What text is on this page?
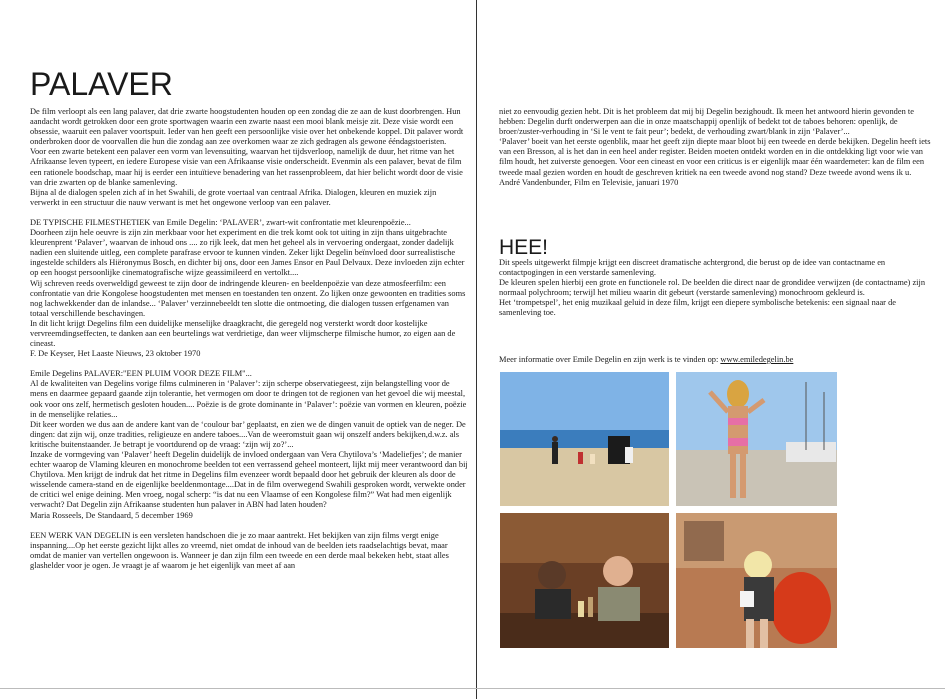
PALAVER

De film verloopt als een lang palaver, dat drie zwarte hoogstudenten houden op een zondag die ze aan de kust doorbrengen. Hun aandacht wordt getrokken door een grote sportwagen waarin een zwarte naast een mooi blank meisje zit. Deze visie wordt een obsessie, waaruit een palaver voortspuit. Ieder van hen geeft een persoonlijke visie over het onbekende koppel. Dit palaver wordt onderbroken door de voorvallen die hun die zondag aan zee overkomen waar ze zich gedragen als gewone ééndagstoeristen.

Voor een zwarte betekent een palaver een vorm van levensuiting, waarvan het tijdsverloop, namelijk de duur, het ritme van het Afrikaanse leven typeert, en iedere Europese visie van een Afrikaanse visie onderscheidt. Evenmin als een palaver, bevat de film een rationele boodschap, maar hij is eerder een intuïtieve benadering van het rassenprobleem, dat hier belicht wordt door de visie van drie zwarten op de blanke samenleving.

Bijna al de dialogen spelen zich af in het Swahili, de grote voertaal van centraal Afrika. Dialogen, kleuren en muziek zijn verwerkt in een structuur die nauw verwant is met het ongewone verloop van een palaver.

DE TYPISCHE FILMESTHETIEK van Emile Degelin: ‘PALAVER’, zwart-wit confrontatie met kleurenpoëzie...

Doorheen zijn hele oeuvre is zijn zin merkbaar voor het experiment en die trek komt ook tot uiting in zijn thans uitgebrachte kleurenprent ‘Palaver’, waarvan de inhoud ons .... zo rijk leek, dat men het geheel als in vervoering ondergaat, zonder dadelijk nadien een sluitende uitleg, een complete parafrase ervoor te kunnen vinden. Zeker lijkt Degelin beïnvloed door surrealistische ingestelde schilders als Hiëronymus Bosch, en dichter bij ons, door een James Ensor en Paul Delvaux. Deze invloeden zijn echter op een hoogst persoonlijke cinematografische wijze geassimileerd en vertolkt....

Wij schreven reeds overweldigd geweest te zijn door de indringende kleuren- en beeldenpoëzie van deze atmosfeerfilm: een confrontatie van drie Kongolese hoogstudenten met mensen en toestanden ten onzent. Zo lijken onze gewoonten en tradities soms nog lachwekkender dan de inlandse... ‘Palaver’ verzinnebeeldt ten slotte die ontmoeting, die dialogen tussen erfgenamen van totaal verschillende beschavingen.

In dit licht krijgt Degelins film een duidelijke menselijke draagkracht, die geregeld nog versterkt wordt door kostelijke vervreemdingseffecten, te danken aan een beurtelings wat verdrietige, dan weer vlijmscherpe filmische humor, zo eigen aan de cineast.

F. De Keyser, Het Laaste Nieuws, 23 oktober 1970

Emile Degelins PALAVER:"EEN PLUIM VOOR DEZE FILM"...

Al de kwaliteiten van Degelins vorige films culmineren in ‘Palaver’: zijn scherpe observatiegeest, zijn belangstelling voor de mens en daarmee gepaard gaande zijn tolerantie, het vermogen om door te dringen tot de regionen van het gevoel die wij meestal, ook voor ons zelf, hermetisch gesloten houden.... Poëzie is de grote dominante in ‘Palaver’: poëzie van vormen en kleuren, poëzie in de menselijke relaties...

Dit keer worden we dus aan de andere kant van de ‘coulour bar’ geplaatst, en zien we de dingen vanuit de optiek van de neger. De dingen: dat zijn wij, onze tradities, religieuze en andere taboes....Van de weeromstuit gaan wij onszelf anders bekijken,d.w.z. als kritische buitenstaander. Je betrapt je voortdurend op de vraag: ‘zijn wij zo?’...

Inzake de vormgeving van ‘Palaver’ heeft Degelin duidelijk de invloed ondergaan van Vera Chytilova’s ‘Madeliefjes’; de manier echter waarop de Vlaming kleuren en monochrome beelden tot een verrassend geheel monteert, lijkt mij meer verantwoord dan bij Chytilova. Men krijgt de indruk dat het ritme in Degelins film evenzeer wordt bepaald door het gebruik der kleuren als door de wisselende camera-stand en de eigenlijke beeldenmontage....Dat in de film overwegend Swahili gesproken wordt, verwekte onder de critici wel enige deining. Men vroeg, nogal scherp: “is dat nu een Vlaamse of een Kongolese film?” Wat had men eigenlijk verwacht? Dat Degelin zijn Afrikaanse studenten hun palaver in ABN had laten houden?

Maria Rosseels, De Standaard, 5 december 1969

EEN WERK VAN DEGELIN is een versleten handschoen die je zo maar aantrekt. Het bekijken van zijn films vergt enige inspanning....Op het eerste gezicht lijkt alles zo vreemd, niet omdat de inhoud van de beelden iets raadselachtigs bevat, maar omdat de manier van vertellen ongewoon is. Wanneer je dan zijn film een tweede en een derde maal bekeken hebt, staat alles glashelder voor je ogen. Je vraagt je af waarom je het eigenlijk van meet af aan

niet zo eenvoudig gezien hebt. Dit is het probleem dat mij bij Degelin bezighoudt. Ik meen het antwoord hierin gevonden te hebben: Degelin durft onderwerpen aan die in onze maatschappij openlijk of bedekt tot de taboes behoren: openlijk, de broer/zuster-verhouding in ‘Si le vent te fait peur’; bedekt, de verhouding zwart/blank in zijn ‘Palaver’...

‘Palaver’ boeit van het eerste ogenblik, maar het geeft zijn diepte maar bloot bij een tweede en derde bekijken. Degelin heeft iets van een Bresson, al is het dan in een heel ander register. Beiden moeten ontdekt worden en in die ontdekking ligt voor wie van film houdt, het zuiverste genoegen. Voor een cineast en voor een criticus is er eigenlijk maar één waardemeter: kan de film een tweede maal gezien worden en houdt de geschreven kritiek na een tweede avond nog stand? Deze tweede avond wens ik u.

André Vandenbunder, Film en Televisie, januari 1970

HEE!

Dit speels uitgewerkt filmpje krijgt een discreet dramatische achtergrond, die berust op de idee van contactname en contactpogingen in een verstarde samenleving.

De kleuren spelen hierbij een grote en functionele rol. De beelden die direct naar de grondidee verwijzen (de contactname) zijn normaal polychroom; terwijl het milieu waarin dit gebeurt (verstarde samenleving) monochroom gekleurd is.

Het ‘trompetspel’, het enig muzikaal geluid in deze film, krijgt een diepere symbolische betekenis: een signaal naar de samenleving toe.

Meer informatie over Emile Degelin en zijn werk is te vinden op: www.emiledegelin.be
